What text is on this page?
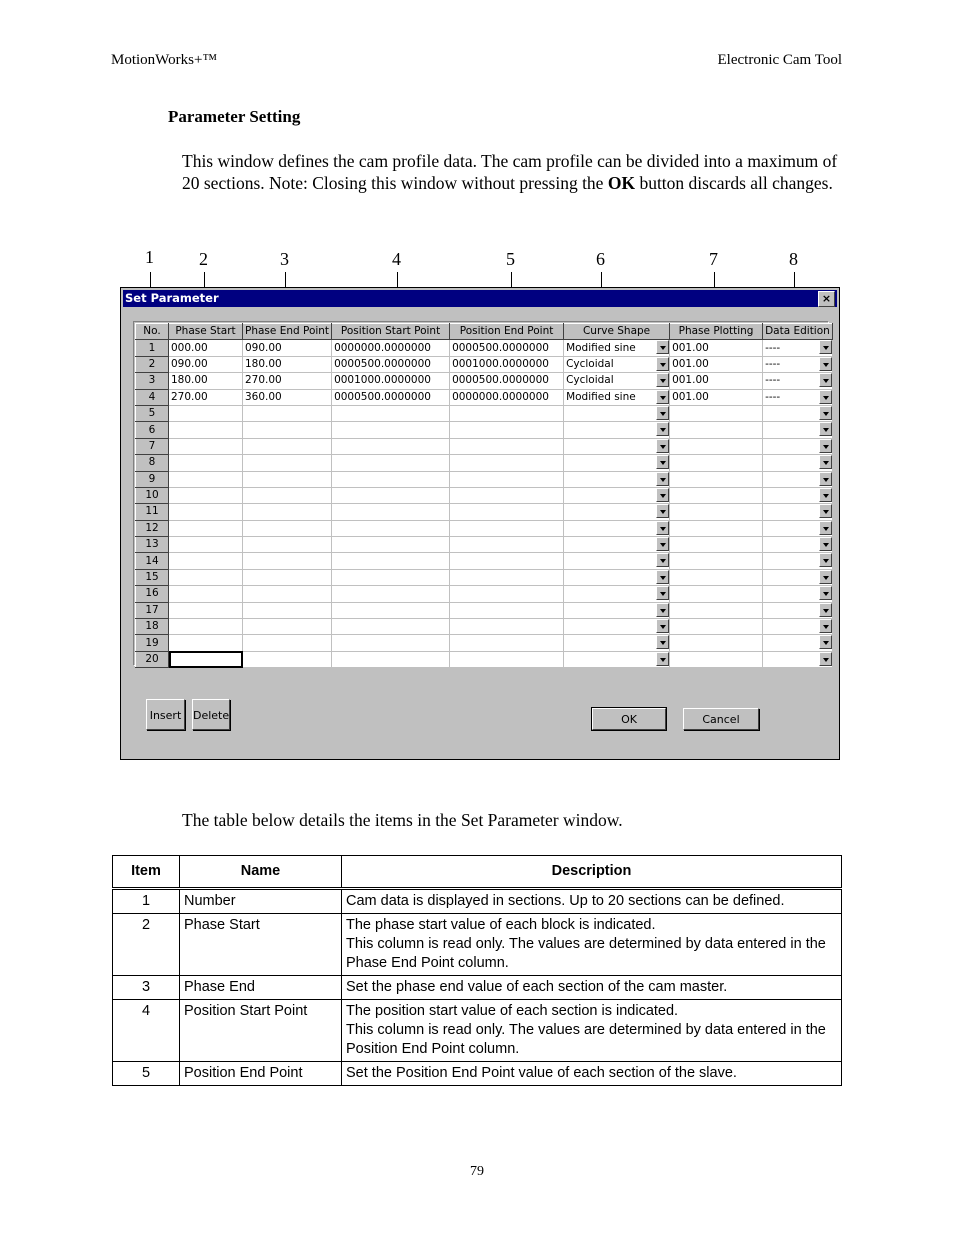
MotionWorks+™	Electronic Cam Tool
Parameter Setting
This window defines the cam profile data. The cam profile can be divided into a maximum of 20 sections. Note: Closing this window without pressing the OK button discards all changes.
1	2	3	4	5	6	7	8
Set Parameter	×
No.	Phase Start	Phase End Point	Position Start Point	Position End Point	Curve Shape	Phase Plotting	Data Edition
1	000.00	090.00	0000000.0000000	0000500.0000000	Modified sine	001.00	----

2	090.00	180.00	0000500.0000000	0001000.0000000	Cycloidal	001.00	----

3	180.00	270.00	0001000.0000000	0000500.0000000	Cycloidal	001.00	----

4	270.00	360.00	0000500.0000000	0000000.0000000	Modified sine	001.00	----

5					

6					

7					

8					

9					

10					

11					

12					

13					

14					

15					

16					

17					

18					

19					

20					

Insert	Delete	OK	Cancel
The table below details the items in the Set Parameter window.
Item	Name	Description
1	Number	Cam data is displayed in sections. Up to 20 sections can be defined.

2	Phase Start	The phase start value of each block is indicated.
This column is read only. The values are determined by data entered in the Phase End Point column.

3	Phase End	Set the phase end value of each section of the cam master.

4	Position Start Point	The position start value of each section is indicated.
This column is read only. The values are determined by data entered in the Position End Point column.

5	Position End Point	Set the Position End Point value of each section of the slave.
79
